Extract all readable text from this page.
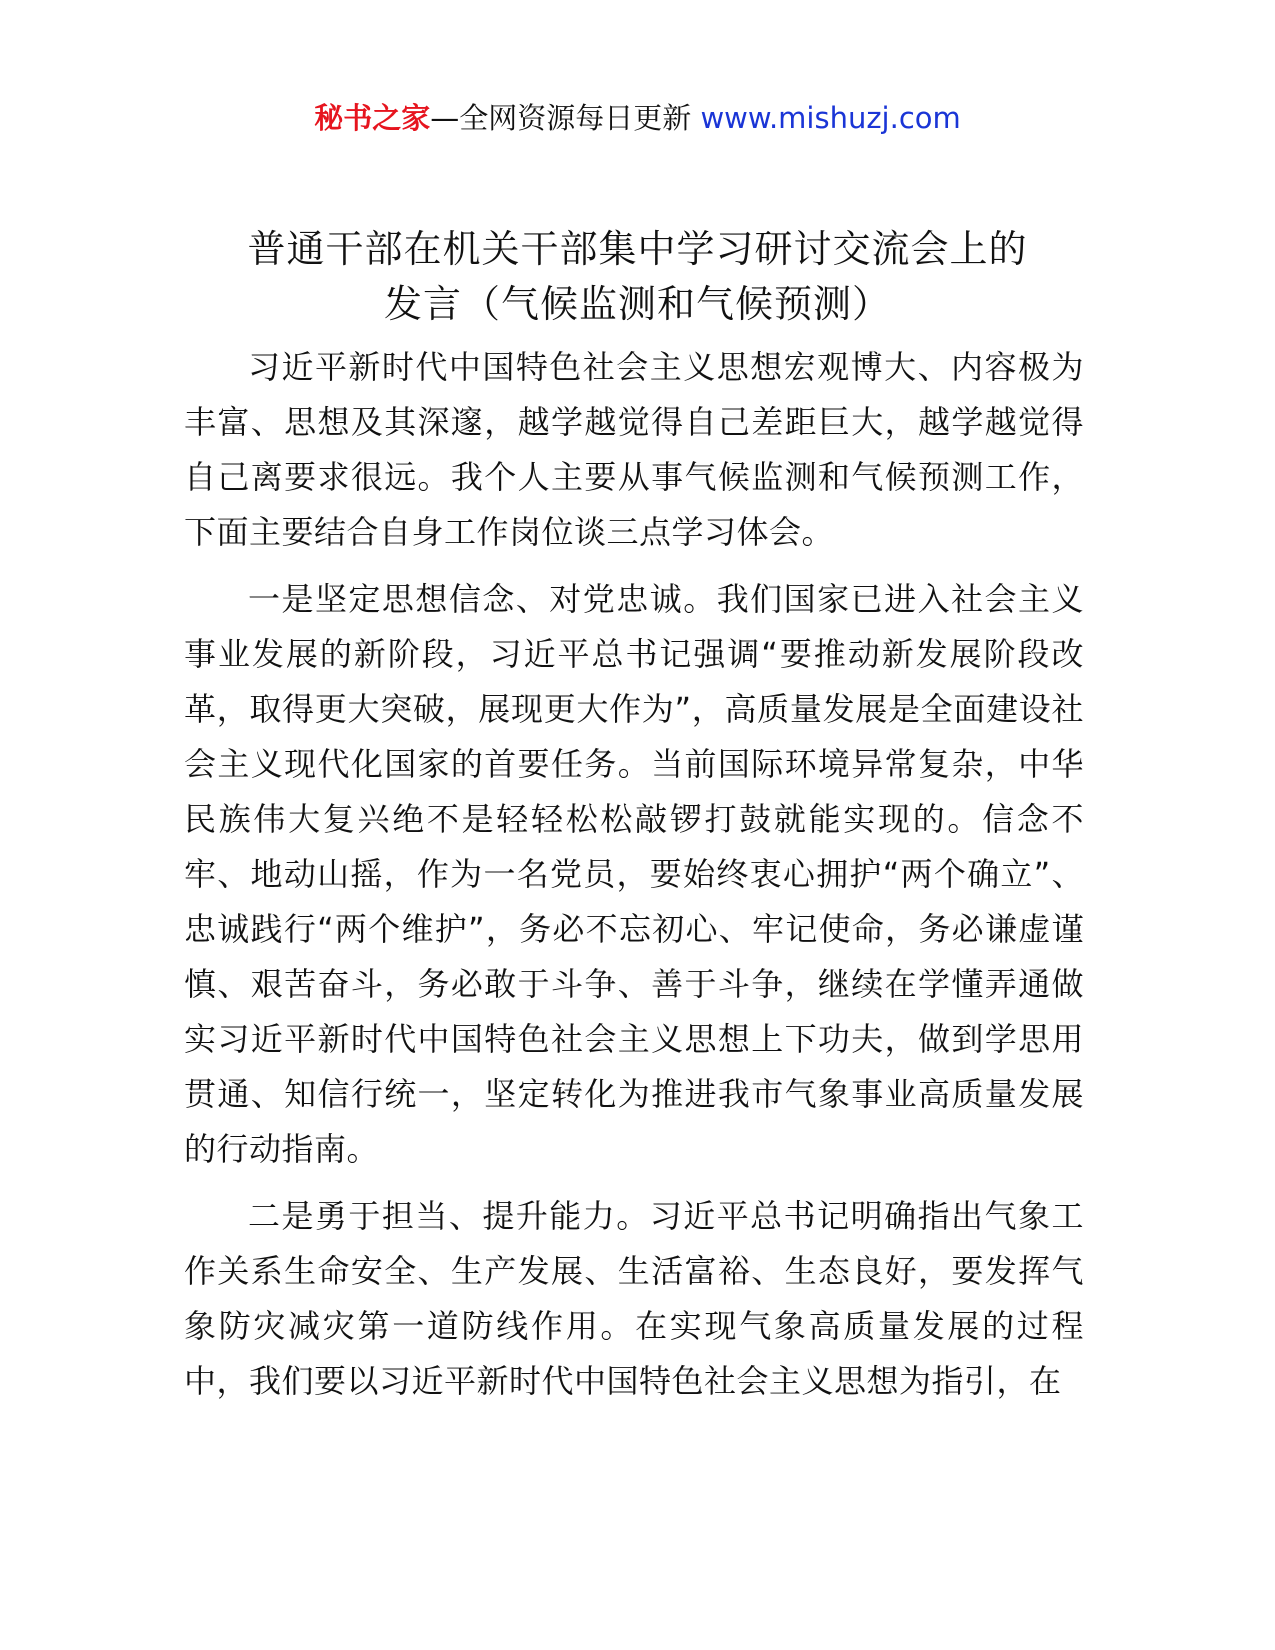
秘书之家—全网资源每日更新 www.mishuzj.com
普通干部在机关干部集中学习研讨交流会上的
发言（气候监测和气候预测）

习近平新时代中国特色社会主义思想宏观博大、内容极为丰富、思想及其深邃，越学越觉得自己差距巨大，越学越觉得自己离要求很远。我个人主要从事气候监测和气候预测工作，下面主要结合自身工作岗位谈三点学习体会。

一是坚定思想信念、对党忠诚。我们国家已进入社会主义事业发展的新阶段，习近平总书记强调“要推动新发展阶段改革，取得更大突破，展现更大作为”，高质量发展是全面建设社会主义现代化国家的首要任务。当前国际环境异常复杂，中华民族伟大复兴绝不是轻轻松松敲锣打鼓就能实现的。信念不牢、地动山摇，作为一名党员，要始终衷心拥护“两个确立”、忠诚践行“两个维护”，务必不忘初心、牢记使命，务必谦虚谨慎、艰苦奋斗，务必敢于斗争、善于斗争，继续在学懂弄通做实习近平新时代中国特色社会主义思想上下功夫，做到学思用贯通、知信行统一，坚定转化为推进我市气象事业高质量发展的行动指南。

二是勇于担当、提升能力。习近平总书记明确指出气象工作关系生命安全、生产发展、生活富裕、生态良好，要发挥气象防灾减灾第一道防线作用。在实现气象高质量发展的过程中，我们要以习近平新时代中国特色社会主义思想为指引，在
